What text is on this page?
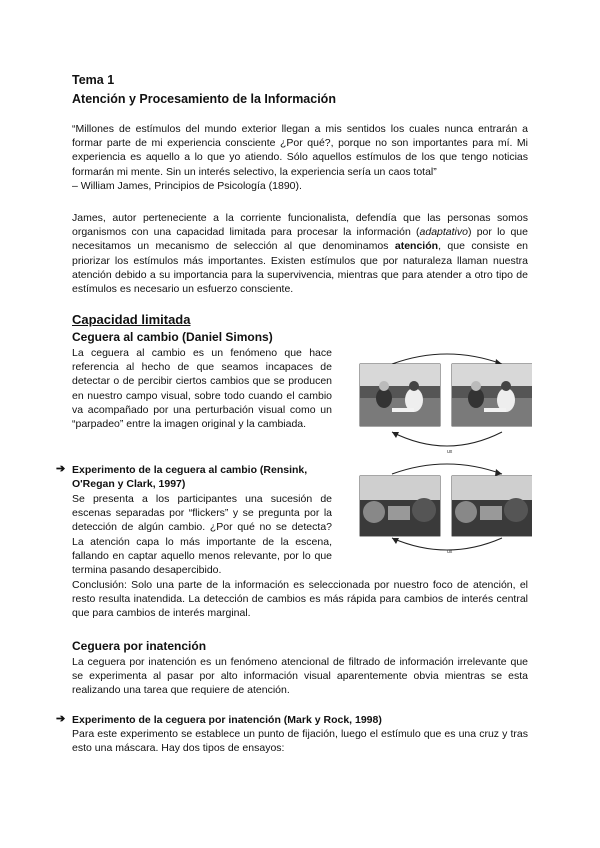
Tema 1
Atención y Procesamiento de la Información
“Millones de estímulos del mundo exterior llegan a mis sentidos los cuales nunca entrarán a formar parte de mi experiencia consciente ¿Por qué?, porque no son importantes para mí. Mi experiencia es aquello a lo que yo atiendo. Sólo aquellos estímulos de los que tengo noticias formarán mi mente. Sin un interés selectivo, la experiencia sería un caos total”
– William James, Principios de Psicología (1890).
James, autor perteneciente a la corriente funcionalista, defendía que las personas somos organismos con una capacidad limitada para procesar la información (adaptativo) por lo que necesitamos un mecanismo de selección al que denominamos atención, que consiste en priorizar los estímulos más importantes. Existen estímulos que por naturaleza llaman nuestra atención debido a su importancia para la supervivencia, mientras que para atender a otro tipo de estímulos es necesario un esfuerzo consciente.
Capacidad limitada
Ceguera al cambio (Daniel Simons)
La ceguera al cambio es un fenómeno que hace referencia al hecho de que seamos incapaces de detectar o de percibir ciertos cambios que se producen en nuestro campo visual, sobre todo cuando el cambio va acompañado por una perturbación visual como un “parpadeo” entre la imagen original y la cambiada.
➔ Experimento de la ceguera al cambio (Rensink, O'Regan y Clark, 1997)
Se presenta a los participantes una sucesión de escenas separadas por “flickers” y se pregunta por la detección de algún cambio. ¿Por qué no se detecta? La atención capa lo más importante de la escena, fallando en captar aquello menos relevante, por lo que termina pasando desapercibido.
Conclusión: Solo una parte de la información es seleccionada por nuestro foco de atención, el resto resulta inatendida. La detección de cambios es más rápida para cambios de interés central que para cambios de interés marginal.
Ceguera por inatención
La ceguera por inatención es un fenómeno atencional de filtrado de información irrelevante que se experimenta al pasar por alto información visual aparentemente obvia mientras se esta realizando una tarea que requiere de atención.
➔ Experimento de la ceguera por inatención (Mark y Rock, 1998)
Para este experimento se establece un punto de fijación, luego el estímulo que es una cruz y tras esto una máscara. Hay dos tipos de ensayos:
ux
ux
